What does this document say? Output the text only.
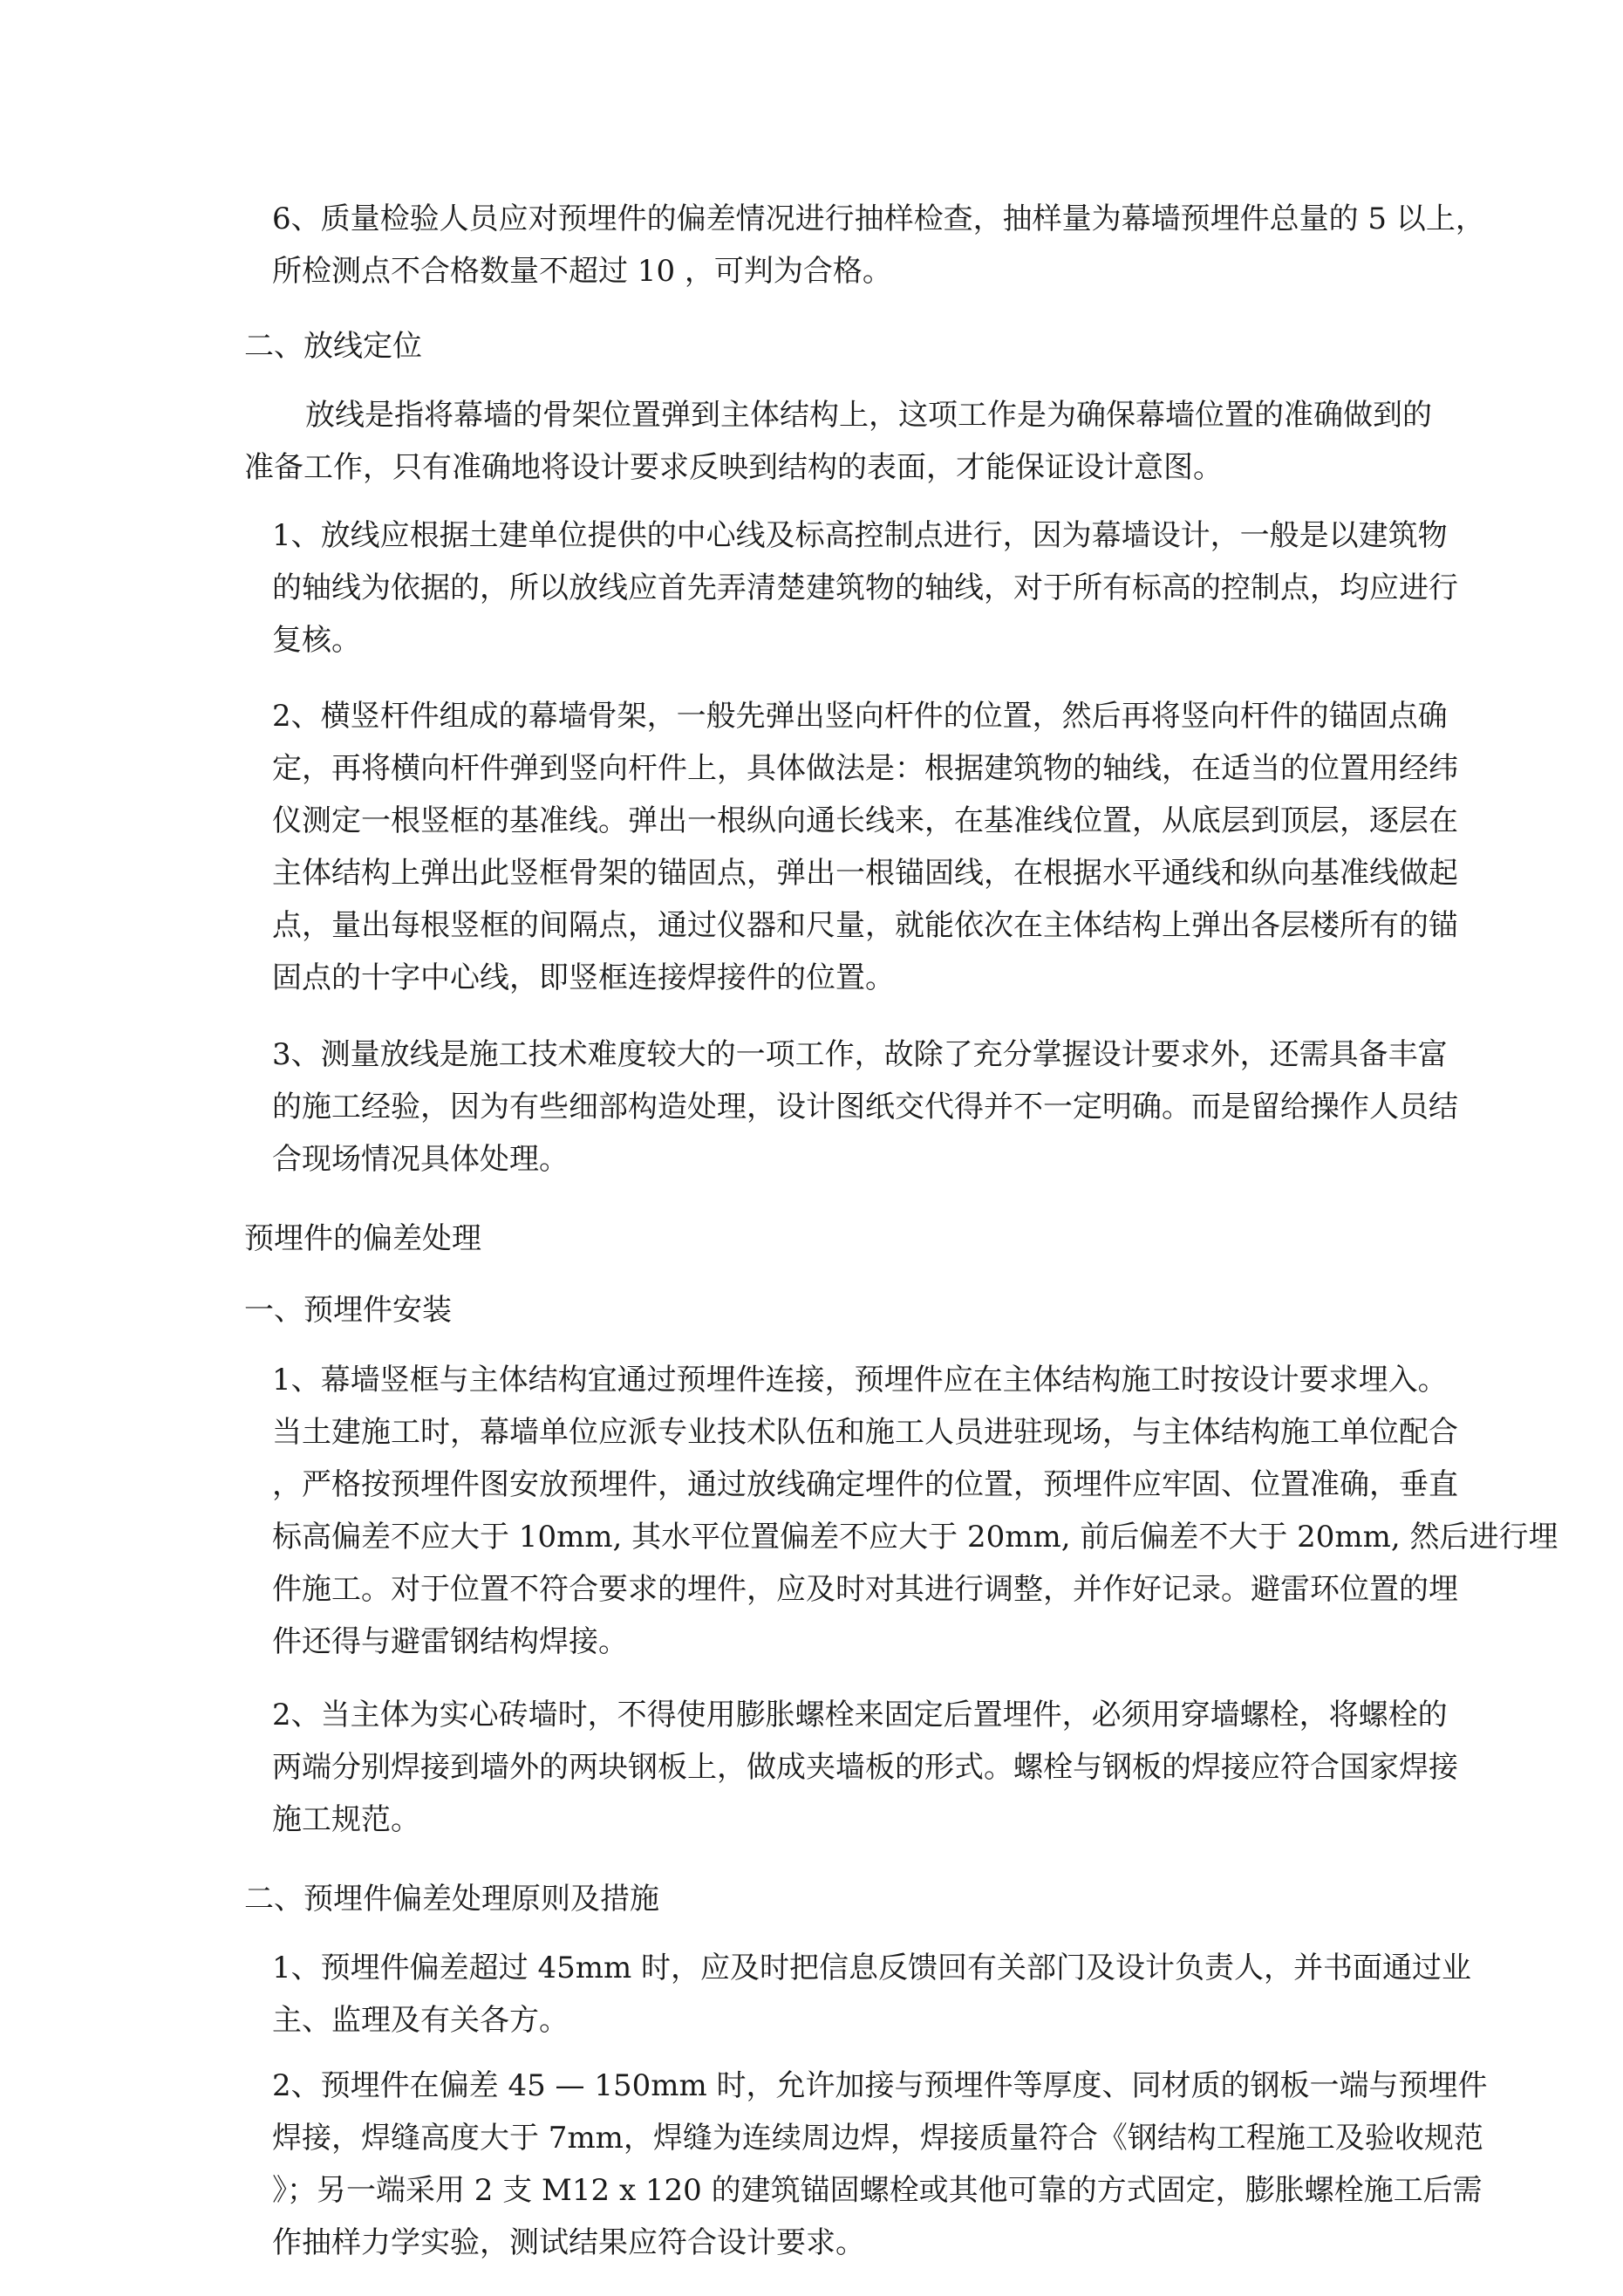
6、质量检验人员应对预埋件的偏差情况进行抽样检查，抽样量为幕墙预埋件总量的 5 以上，
所检测点不合格数量不超过 10 ，可判为合格。
二、放线定位
放线是指将幕墙的骨架位置弹到主体结构上，这项工作是为确保幕墙位置的准确做到的
准备工作，只有准确地将设计要求反映到结构的表面，才能保证设计意图。
1、放线应根据土建单位提供的中心线及标高控制点进行，因为幕墙设计，一般是以建筑物
的轴线为依据的，所以放线应首先弄清楚建筑物的轴线，对于所有标高的控制点，均应进行
复核。
2、横竖杆件组成的幕墙骨架，一般先弹出竖向杆件的位置，然后再将竖向杆件的锚固点确
定，再将横向杆件弹到竖向杆件上，具体做法是：根据建筑物的轴线，在适当的位置用经纬
仪测定一根竖框的基准线。弹出一根纵向通长线来，在基准线位置，从底层到顶层，逐层在
主体结构上弹出此竖框骨架的锚固点，弹出一根锚固线，在根据水平通线和纵向基准线做起
点，量出每根竖框的间隔点，通过仪器和尺量，就能依次在主体结构上弹出各层楼所有的锚
固点的十字中心线，即竖框连接焊接件的位置。
3、测量放线是施工技术难度较大的一项工作，故除了充分掌握设计要求外，还需具备丰富
的施工经验，因为有些细部构造处理，设计图纸交代得并不一定明确。而是留给操作人员结
合现场情况具体处理。
预埋件的偏差处理
一、预埋件安装
1、幕墙竖框与主体结构宜通过预埋件连接，预埋件应在主体结构施工时按设计要求埋入。
当土建施工时，幕墙单位应派专业技术队伍和施工人员进驻现场，与主体结构施工单位配合
，严格按预埋件图安放预埋件，通过放线确定埋件的位置，预埋件应牢固、位置准确，垂直
标高偏差不应大于 10mm, 其水平位置偏差不应大于 20mm, 前后偏差不大于 20mm, 然后进行埋
件施工。对于位置不符合要求的埋件，应及时对其进行调整，并作好记录。避雷环位置的埋
件还得与避雷钢结构焊接。
2、当主体为实心砖墙时，不得使用膨胀螺栓来固定后置埋件，必须用穿墙螺栓，将螺栓的
两端分别焊接到墙外的两块钢板上，做成夹墙板的形式。螺栓与钢板的焊接应符合国家焊接
施工规范。
二、预埋件偏差处理原则及措施
1、预埋件偏差超过 45mm 时，应及时把信息反馈回有关部门及设计负责人，并书面通过业
主、监理及有关各方。
2、预埋件在偏差 45 — 150mm 时，允许加接与预埋件等厚度、同材质的钢板一端与预埋件
焊接，焊缝高度大于 7mm，焊缝为连续周边焊，焊接质量符合《钢结构工程施工及验收规范
》；另一端采用 2 支 M12 x 120 的建筑锚固螺栓或其他可靠的方式固定，膨胀螺栓施工后需
作抽样力学实验，测试结果应符合设计要求。
